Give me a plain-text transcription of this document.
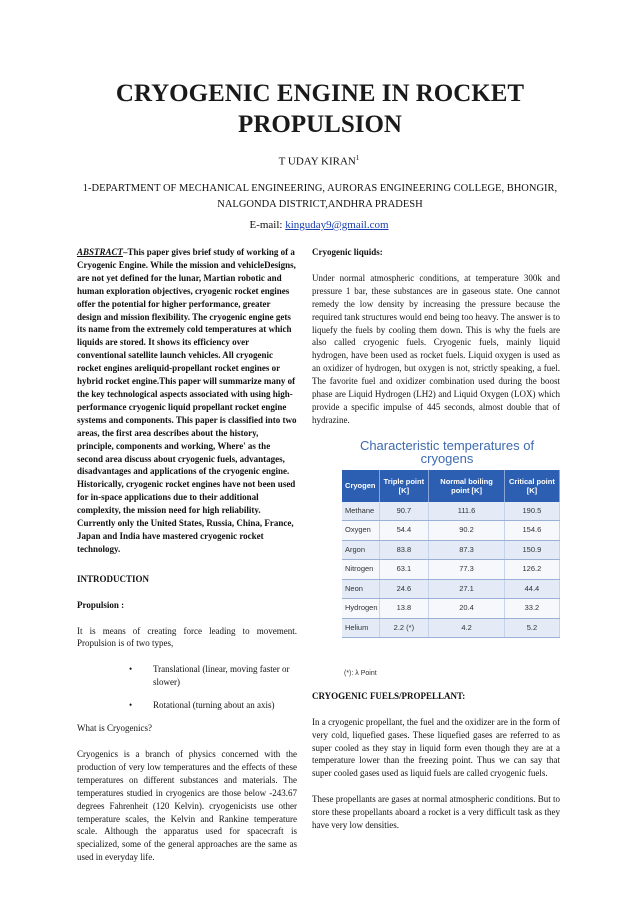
CRYOGENIC ENGINE IN ROCKET PROPULSION
T UDAY KIRAN$^1$
1-DEPARTMENT OF MECHANICAL ENGINEERING, AURORAS ENGINEERING COLLEGE, BHONGIR, NALGONDA DISTRICT,ANDHRA PRADESH
E-mail: kinguday9@gmail.com
ABSTRACT–This paper gives brief study of working of a Cryogenic Engine. While the mission and vehicleDesigns, are not yet defined for the lunar, Martian robotic and human exploration objectives, cryogenic rocket engines offer the potential for higher performance, greater design and mission flexibility. The cryogenic engine gets its name from the extremely cold temperatures at which liquids are stored. It shows its efficiency over conventional satellite launch vehicles. All cryogenic rocket engines areliquid-propellant rocket engines or hybrid rocket engine.This paper will summarize many of the key technological aspects associated with using high-performance cryogenic liquid propellant rocket engine systems and components. This paper is classified into two areas, the first area describes about the history, principle, components and working, Where' as the second area discuss about cryogenic fuels, advantages, disadvantages and applications of the cryogenic engine. Historically, cryogenic rocket engines have not been used for in-space applications due to their additional complexity, the mission need for high reliability. Currently only the United States, Russia, China, France, Japan and India have mastered cryogenic rocket technology.
INTRODUCTION
Propulsion :

It is means of creating force leading to movement. Propulsion is of two types,

• Translational (linear, moving faster or slower)
• Rotational (turning about an axis)
What is Cryogenics?

Cryogenics is a branch of physics concerned with the production of very low temperatures and the effects of these temperatures on different substances and materials. The temperatures studied in cryogenics are those below -243.67 degrees Fahrenheit (120 Kelvin). cryogenicists use other temperature scales, the Kelvin and Rankine temperature scale. Although the apparatus used for spacecraft is specialized, some of the general approaches are the same as used in everyday life.

Cryogenic liquids:

Under normal atmospheric conditions, at temperature 300k and pressure 1 bar, these substances are in gaseous state. One cannot remedy the low density by increasing the pressure because the required tank structures would end being too heavy. The answer is to liquefy the fuels by cooling them down. This is why the fuels are also called cryogenic fuels. Cryogenic fuels, mainly liquid hydrogen, have been used as rocket fuels. Liquid oxygen is used as an oxidizer of hydrogen, but oxygen is not, strictly speaking, a fuel. The favorite fuel and oxidizer combination used during the boost phase are Liquid Hydrogen (LH2) and Liquid Oxygen (LOX) which provide a specific impulse of 445 seconds, almost double that of hydrazine.

Characteristic temperatures of cryogens
Cryogen	Triple point [K]	Normal boiling point [K]	Critical point [K]
Methane	90.7	111.6	190.5
Oxygen	54.4	90.2	154.6
Argon	83.8	87.3	150.9
Nitrogen	63.1	77.3	126.2
Neon	24.6	27.1	44.4
Hydrogen	13.8	20.4	33.2
Helium	2.2 (*)	4.2	5.2
(*): λ Point
CRYOGENIC FUELS/PROPELLANT:

In a cryogenic propellant, the fuel and the oxidizer are in the form of very cold, liquefied gases. These liquefied gases are referred to as super cooled as they stay in liquid form even though they are at a temperature lower than the freezing point. Thus we can say that super cooled gases used as liquid fuels are called cryogenic fuels.

These propellants are gases at normal atmospheric conditions. But to store these propellants aboard a rocket is a very difficult task as they have very low densities.
